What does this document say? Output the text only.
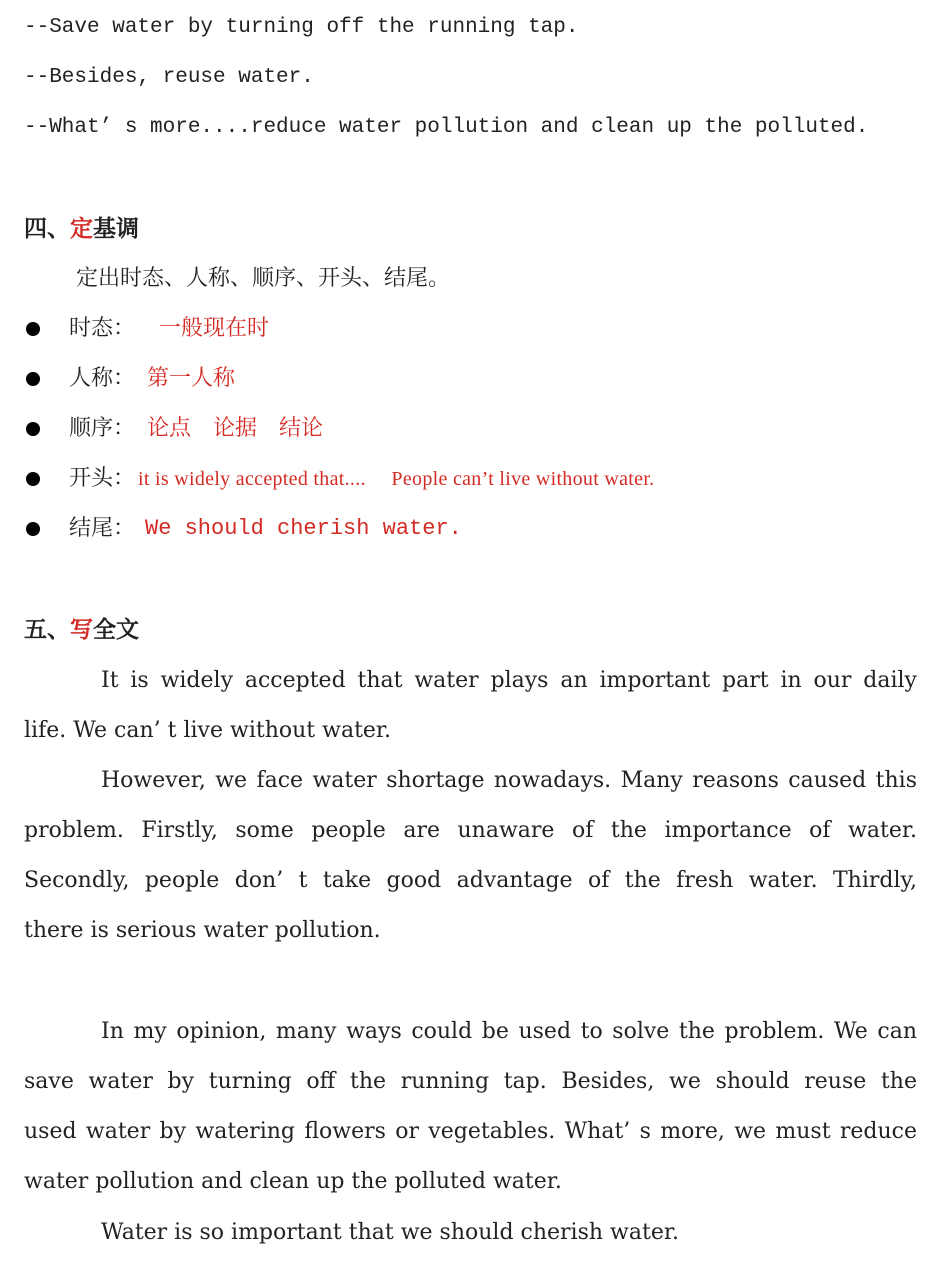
--Save water by turning off the running tap.
--Besides, reuse water.
--What’ s more....reduce water pollution and clean up the polluted.
四、定基调
定出时态、人称、顺序、开头、结尾。
时态： 一般现在时
人称： 第一人称
顺序： 论点　论据　结论
开头： it is widely accepted that....　 People can’t live without water.
结尾： We should cherish water.
五、写全文
It is widely accepted that water plays an important part in our daily
life. We can’ t live without water.
However, we face water shortage nowadays. Many reasons caused this
problem. Firstly, some people are unaware of the importance of water.
Secondly, people don’ t take good advantage of the fresh water. Thirdly,
there is serious water pollution.
In my opinion, many ways could be used to solve the problem. We can
save water by turning off the running tap. Besides, we should reuse the
used water by watering flowers or vegetables. What’ s more, we must reduce
water pollution and clean up the polluted water.
Water is so important that we should cherish water.
